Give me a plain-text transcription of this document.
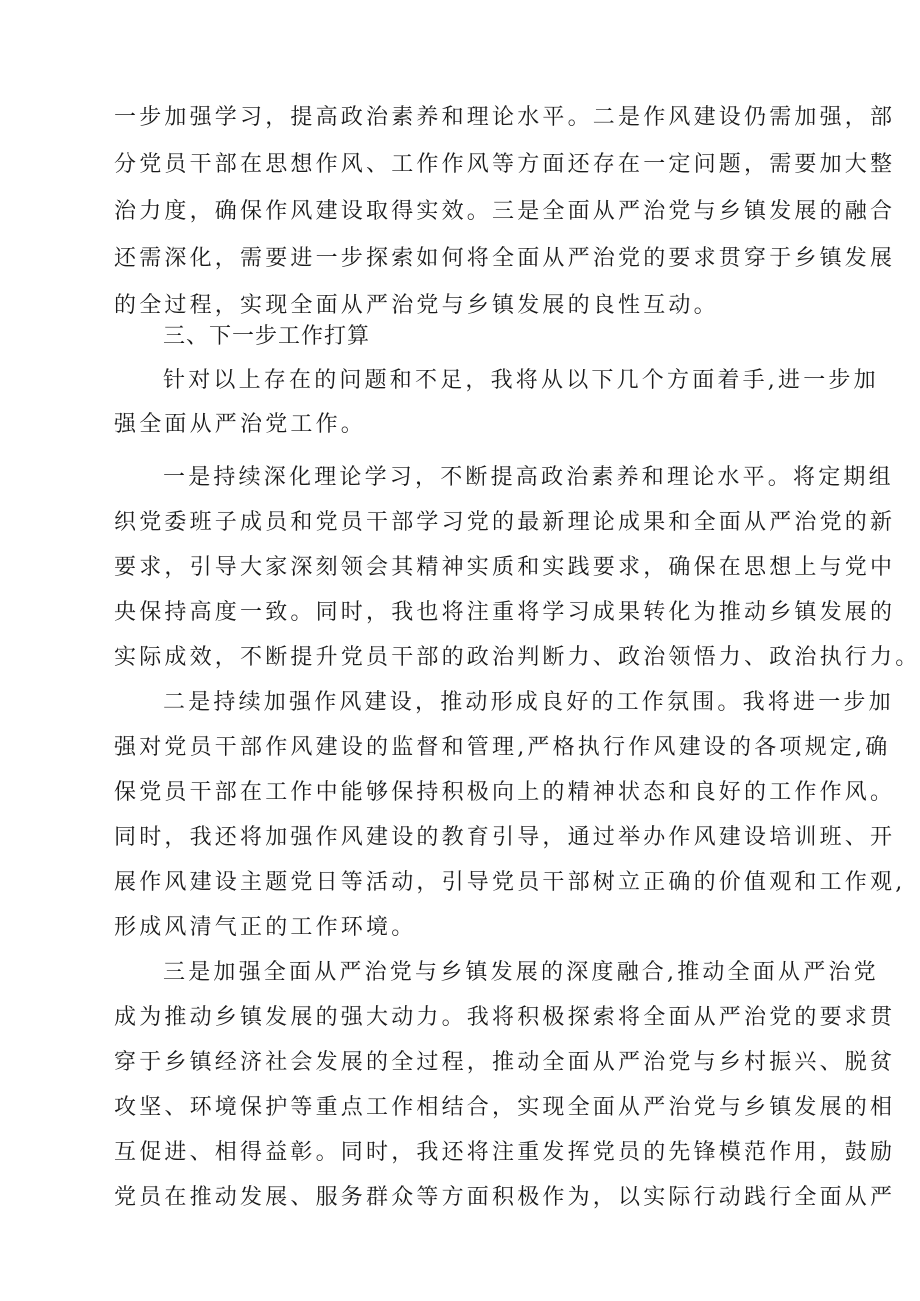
一步加强学习，提高政治素养和理论水平。二是作风建设仍需加强，部
分党员干部在思想作风、工作作风等方面还存在一定问题，需要加大整
治力度，确保作风建设取得实效。三是全面从严治党与乡镇发展的融合
还需深化，需要进一步探索如何将全面从严治党的要求贯穿于乡镇发展
的全过程，实现全面从严治党与乡镇发展的良性互动。
三、下一步工作打算
针对以上存在的问题和不足，我将从以下几个方面着手,进一步加
强全面从严治党工作。
一是持续深化理论学习，不断提高政治素养和理论水平。将定期组
织党委班子成员和党员干部学习党的最新理论成果和全面从严治党的新
要求，引导大家深刻领会其精神实质和实践要求，确保在思想上与党中
央保持高度一致。同时，我也将注重将学习成果转化为推动乡镇发展的
实际成效，不断提升党员干部的政治判断力、政治领悟力、政治执行力。
二是持续加强作风建设，推动形成良好的工作氛围。我将进一步加
强对党员干部作风建设的监督和管理,严格执行作风建设的各项规定,确
保党员干部在工作中能够保持积极向上的精神状态和良好的工作作风。
同时，我还将加强作风建设的教育引导，通过举办作风建设培训班、开
展作风建设主题党日等活动，引导党员干部树立正确的价值观和工作观,
形成风清气正的工作环境。
三是加强全面从严治党与乡镇发展的深度融合,推动全面从严治党
成为推动乡镇发展的强大动力。我将积极探索将全面从严治党的要求贯
穿于乡镇经济社会发展的全过程，推动全面从严治党与乡村振兴、脱贫
攻坚、环境保护等重点工作相结合，实现全面从严治党与乡镇发展的相
互促进、相得益彰。同时，我还将注重发挥党员的先锋模范作用，鼓励
党员在推动发展、服务群众等方面积极作为，以实际行动践行全面从严
